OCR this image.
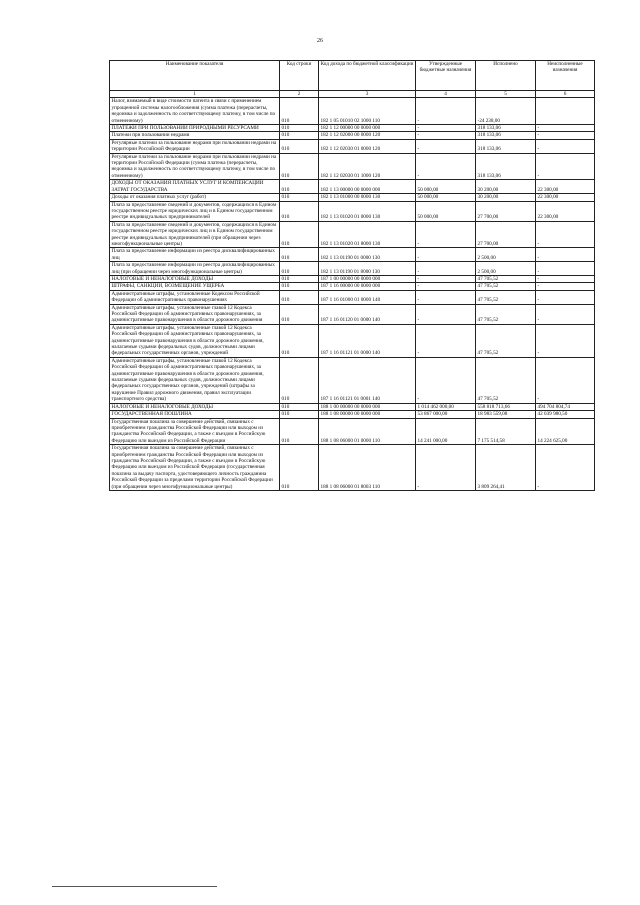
26
Наименование показателя	Код строки	Код дохода по бюджетной классификации	Утвержденные бюджетные назначения	Исполнено	Неисполненные назначения
1	2	3	4	5	6
Налог, взимаемый в виде стоимости патента в связи с применением упрощенной системы налогообложения (сумма платежа (перерасчеты, недоимка и задолженность по соответствующему платежу, в том числе по отмененному)	010	182 1 05 01010 02 1000 110	-	-24 238,00	
ПЛАТЕЖИ ПРИ ПОЛЬЗОВАНИИ ПРИРОДНЫМИ РЕСУРСАМИ	010	182 1 12 00000 00 0000 000	-	318 133,06	-
Платежи при пользовании недрами	010	182 1 12 02000 00 0000 120	-	318 133,06	-
Регулярные платежи за пользование недрами при пользовании недрами на территории Российской Федерации	010	182 1 12 02030 01 0000 120	-	318 133,06	-
Регулярные платежи за пользование недрами при пользовании недрами на территории Российской Федерации (сумма платежа (перерасчеты, недоимка и задолженность по соответствующему платежу, в том числе по отмененному)	010	182 1 12 02030 01 1000 120	-	318 133,06	-
ДОХОДЫ ОТ ОКАЗАНИЯ ПЛАТНЫХ УСЛУГ И КОМПЕНСАЦИИ ЗАТРАТ ГОСУДАРСТВА	010	182 1 13 00000 00 0000 000	50 000,00	30 200,00	22 300,00
Доходы от оказания платных услуг (работ)	010	182 1 13 01000 00 0000 130	50 000,00	30 200,00	22 300,00
Плата за предоставление сведений и документов, содержащихся в Едином государственном реестре юридических лиц и в Едином государственном реестре индивидуальных предпринимателей	010	182 1 13 01020 01 0000 130	50 000,00	27 700,00	22 300,00
Плата за предоставление сведений и документов, содержащихся в Едином государственном реестре юридических лиц и в Едином государственном реестре индивидуальных предпринимателей (при обращении через многофункциональные центры)	010	182 1 13 01020 01 8000 130	-	27 700,00	-
Плата за предоставление информации из реестра дисквалифицированных лиц	010	182 1 13 01190 01 0000 130	-	2 500,00	-
Плата за предоставление информации из реестра дисквалифицированных лиц (при обращении через многофункциональные центры)	010	182 1 13 01190 01 8000 130	-	2 500,00	-
НАЛОГОВЫЕ И НЕНАЛОГОВЫЕ ДОХОДЫ	010	187 1 00 00000 00 0000 000	-	47 705,52	-
ШТРАФЫ, САНКЦИИ, ВОЗМЕЩЕНИЕ УЩЕРБА	010	187 1 16 00000 00 0000 000	-	47 705,52	-
Административные штрафы, установленные Кодексом Российской Федерации об административных правонарушениях	010	187 1 16 01000 01 0000 140	-	47 705,52	-
Административные штрафы, установленные главой 12 Кодекса Российской Федерации об административных правонарушениях, за административные правонарушения в области дорожного движения	010	187 1 16 01120 01 0000 140	-	47 705,52	-
Административные штрафы, установленные главой 12 Кодекса Российской Федерации об административных правонарушениях, за административные правонарушения в области дорожного движения, налагаемые судьями федеральных судов, должностными лицами федеральных государственных органов, учреждений	010	187 1 16 01121 01 0000 140	-	47 705,52	-
Административные штрафы, установленные главой 12 Кодекса Российской Федерации об административных правонарушениях, за административные правонарушения в области дорожного движения, налагаемые судьями федеральных судов, должностными лицами федеральных государственных органов, учреждений (штрафы за нарушение Правил дорожного движения, правил эксплуатации транспортного средства)	010	187 1 16 01121 01 0001 140	-	47 705,52	-
НАЛОГОВЫЕ И НЕНАЛОГОВЫЕ ДОХОДЫ	010	188 1 00 00000 00 0000 000	1 014 462 000,00	558 818 713,66	494 704 804,74
ГОСУДАРСТВЕННАЯ ПОШЛИНА	010	188 1 08 00000 00 0000 000	53 867 000,00	18 983 559,08	42 039 980,50
Государственная пошлина за совершение действий, связанных с приобретением гражданства Российской Федерации или выходом из гражданства Российской Федерации, а также с въездом в Российскую Федерацию или выездом из Российской Федерации	010	188 1 08 06000 01 0000 110	14 241 000,00	7 175 514,58	14 224 625,00
Государственная пошлина за совершение действий, связанных с приобретением гражданства Российской Федерации или выходом из гражданства Российской Федерации, а также с въездом в Российскую Федерацию или выездом из Российской Федерации (государственная пошлина за выдачу паспорта, удостоверяющего личность гражданина Российской Федерации за пределами территории Российской Федерации (при обращении через многофункциональные центры)	010	188 1 08 06000 01 8003 110	-	3 809 264,41	-
